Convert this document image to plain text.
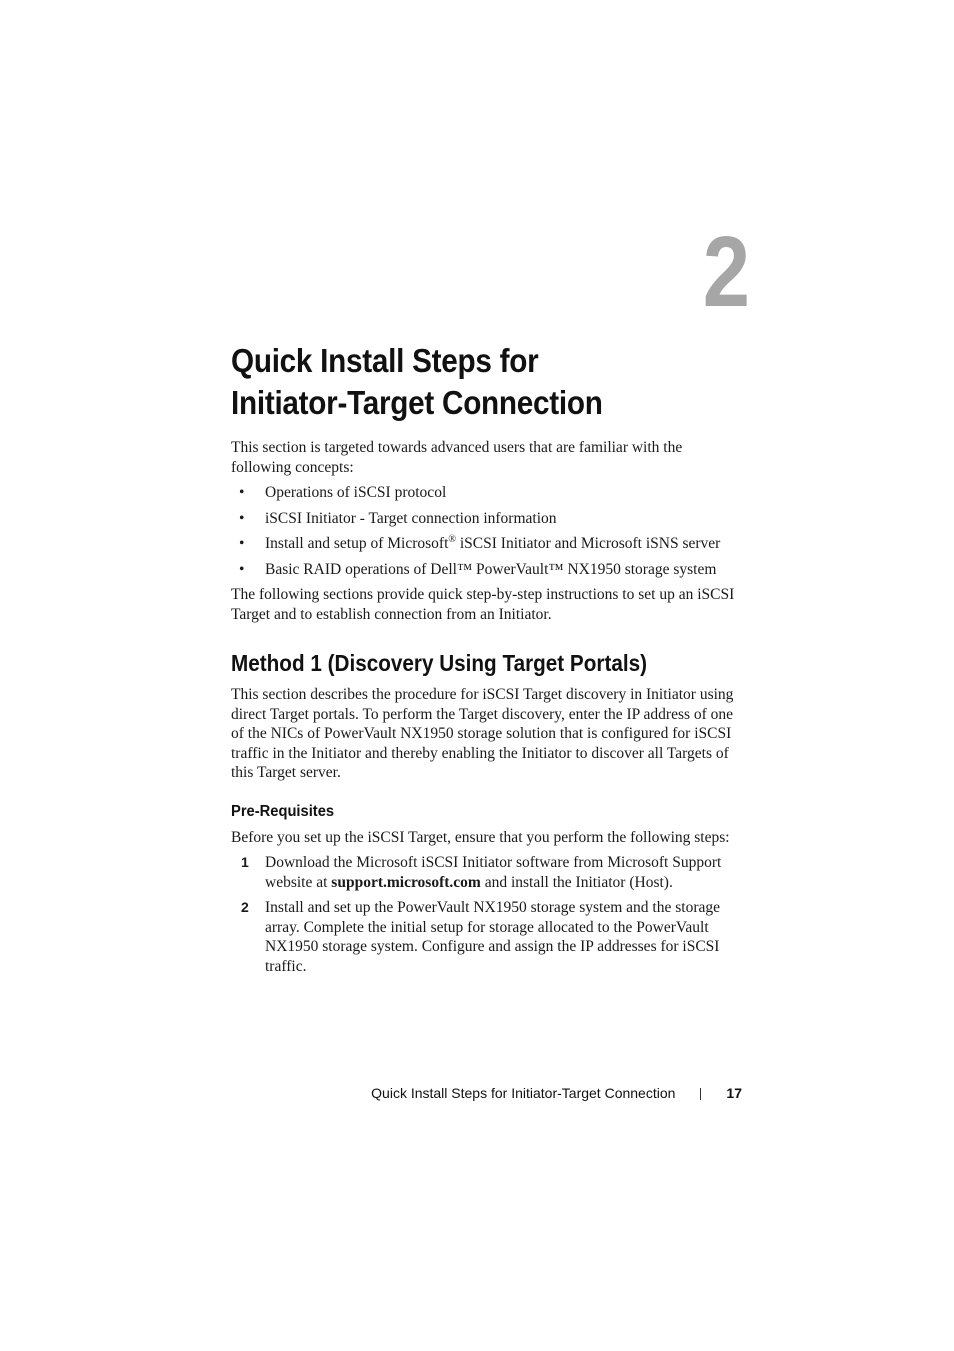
2
Quick Install Steps for
Initiator-Target Connection

This section is targeted towards advanced users that are familiar with the following concepts:

• Operations of iSCSI protocol
• iSCSI Initiator - Target connection information
• Install and setup of Microsoft® iSCSI Initiator and Microsoft iSNS server
• Basic RAID operations of Dell™ PowerVault™ NX1950 storage system

The following sections provide quick step-by-step instructions to set up an iSCSI Target and to establish connection from an Initiator.

Method 1 (Discovery Using Target Portals)

This section describes the procedure for iSCSI Target discovery in Initiator using direct Target portals. To perform the Target discovery, enter the IP address of one of the NICs of PowerVault NX1950 storage solution that is configured for iSCSI traffic in the Initiator and thereby enabling the Initiator to discover all Targets of this Target server.

Pre-Requisites

Before you set up the iSCSI Target, ensure that you perform the following steps:

1 Download the Microsoft iSCSI Initiator software from Microsoft Support website at support.microsoft.com and install the Initiator (Host).
2 Install and set up the PowerVault NX1950 storage system and the storage array. Complete the initial setup for storage allocated to the PowerVault NX1950 storage system. Configure and assign the IP addresses for iSCSI traffic.
Quick Install Steps for Initiator-Target Connection	17
